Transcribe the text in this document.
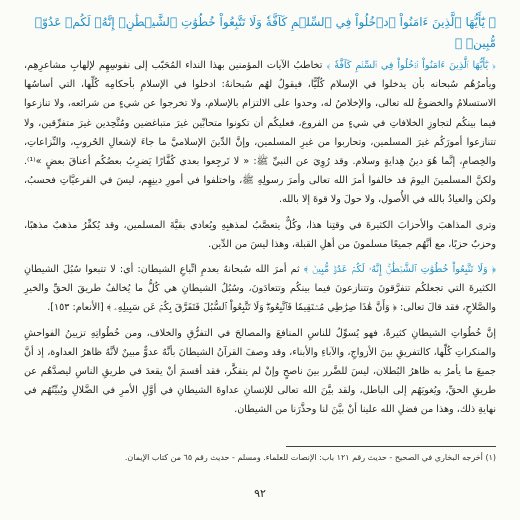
﴿ يَٰٓأَيُّهَا ٱلَّذِينَ ءَامَنُواْ ٱدۡخُلُواْ فِي ٱلسِّلۡمِ كَآفَّةٗ وَلَا تَتَّبِعُواْ خُطُوَٰتِ ٱلشَّيۡطَٰنِۚ إِنَّهُۥ لَكُمۡ عَدُوّٞ مُّبِينٞ ﴾

﴿ يَٰٓأَيُّهَا ٱلَّذِينَ ءَامَنُواْ ٱدۡخُلُواْ فِي ٱلسِّلۡمِ كَآفَّةٗ ﴾ تخاطبُ الآيات المؤمنين بهذا النداء المُحَبّب إلى نفوسِهِم لإلهابِ مشاعرِهِم، ويأمرُهُم سُبحانه بأن يدخلوا في الإسلام كُلّيًّا، فيقولُ لهُم سُبحانهُ: ادخلوا في الإسلامِ بأحكامِه كُلِّها، التي أساسُها الاستسلامُ والخضوعُ لله تعالى، والإخلاصُ له، وحدوا على الالتزام بالإسلام، ولا تخرجوا عن شيءٍ من شرائعه، ولا تنازعوا فيما بينكُم لتجاوزِ الخلافاتِ في شيءٍ من الفروع، فعليكُم أن تكونوا متحابِّين غيرَ متباغضين ومُتَّحِدين غيرَ متفرِّقين، ولا تتنازعوا أمورَكُم غيرَ المسلمين، وتحاربوا من غيرِ المسلمين، وإنَّ الدِّينَ الإسلاميَّ ما جاءَ لإشعالِ الحُروبِ، والنِّزاعاتِ، والخِصامِ، إنَّما هُوَ دينُ هِدايةٍ وسلام. وقد رُوِيَ عن النبيِّ ﷺ: « لا تَرجِعوا بعدي كُفَّارًا يَضرِبُ بعضُكُم أعناقَ بعضٍ »⁽¹⁾. ولكنَّ المسلمينَ اليومَ قد خالفوا أمرَ الله تعالى وأمرَ رسولِهِ ﷺ، واختلفوا في أمورِ دينِهِم، ليسَ في الفرعيَّاتِ فحسبُ، ولكن والعياذُ بالله في الأُصول، ولا حولَ ولا قوةَ إلا بالله.

وترى المذاهبَ والأحزابَ الكثيرةَ في وقتِنا هذا، وكُلٌّ يتعصَّبُ لمذهبِهِ ويُعادي بقيَّةَ المسلمين، وقد يُكفِّرُ مذهبٌ مذهبًا، وحزبٌ حزبًا، مع أنَّهُم جميعًا مسلمونَ من أهلِ القبلة، وهذا ليسَ من الدِّين.

﴿ وَلَا تَتَّبِعُواْ خُطُوَٰتِ ٱلشَّيۡطَٰنِۚ إِنَّهُۥ لَكُمۡ عَدُوّٞ مُّبِينٞ ﴾ ثم أمرَ الله سُبحانهُ بعدمِ اتِّباعِ الشيطان: أي: لا تتبعوا سُبُلَ الشيطانِ الكثيرةَ التي تجعلكُم تتفرَّقونَ وتتنازعونَ فيما بينكُم وتتعادَونَ، وسُبُلُ الشيطانِ هي كُلُّ ما يُخالفُ طريقَ الحقِّ والخيرِ والصَّلاحِ، فقد قالَ تعالى: ﴿ وَأَنَّ هَٰذَا صِرَٰطِي مُسۡتَقِيمٗا فَٱتَّبِعُوهُۖ وَلَا تَتَّبِعُواْ ٱلسُّبُلَ فَتَفَرَّقَ بِكُمۡ عَن سَبِيلِهِۦ ﴾ [الأنعام: ١٥٣].

إنَّ خُطُواتِ الشيطانِ كثيرةٌ، فهو يُسوِّلُ للناسِ المنافعَ والمصالحَ في التفرُّقِ والخلاف، ومن خُطُواتِهِ تزيينُ الفواحشِ والمنكراتِ كُلِّها، كالتفريقِ بينَ الأزواجِ، والآباءِ والأبناء، وقد وصفَ القرآنُ الشيطانَ بأنَّهُ عدوٌّ مبينٌ لأنَّهُ ظاهرُ العداوة، إذ أنَّ جميعَ ما يأمرُ به ظاهرُ البُطلان، ليسَ للضَّرر بينَ ناصحٍ وإنْ لم يتفكَّر، فقد أقسمَ أنْ يقعدَ في طريقِ الناسِ ليصدَّهُم عن طريقِ الحقِّ، ويُغويَهُم إلى الباطل، ولقد بيَّنَ الله تعالى للإنسانِ عداوةَ الشيطانِ في أوَّلِ الأمرِ في الضَّلالِ ويُبيِّنُهُم في نهايةِ ذلك، وهذا من فضلِ الله علينا أنْ بيَّنَ لنا وحذَّرَنا من الشيطان.

(١) أخرجه البخاري في الصحيح - حديث رقم ١٢١ باب: الإنصات للعلماء. ومسلم - حديث رقم ٦٥ من كتاب الإيمان.
٩٢
